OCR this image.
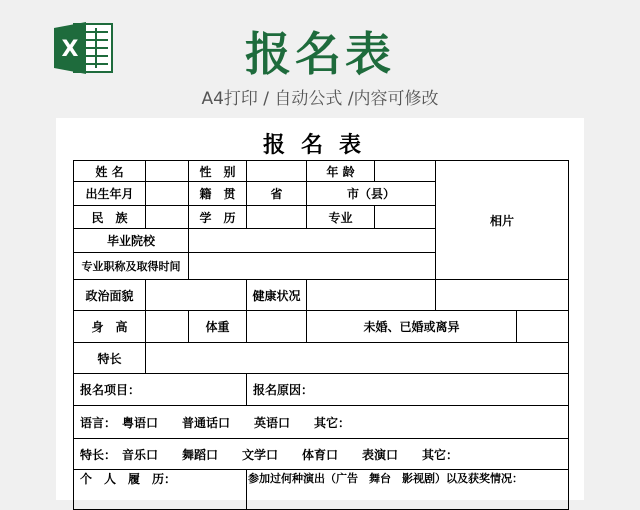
X	报名表
A4打印 / 自动公式 /内容可修改
报名表
姓 名		性　别		年 龄		相片	
出生年月		籍　贯	省	市（县）			
民　族		学　历		专业			
毕业院校							
专业职称及取得时间							
政治面貌			健康状况				
身　高		体重		未婚、已婚或离异			
特长							
报名项目：			报名原因：				
语言：　粤语口　　普通话口　　英语口　　其它：							
特长：　音乐口　　舞蹈口　　文学口　　体育口　　表演口　　其它：							
个　人　履　历：			参加过何种演出（广告　舞台　影视剧）以及获奖情况：				
